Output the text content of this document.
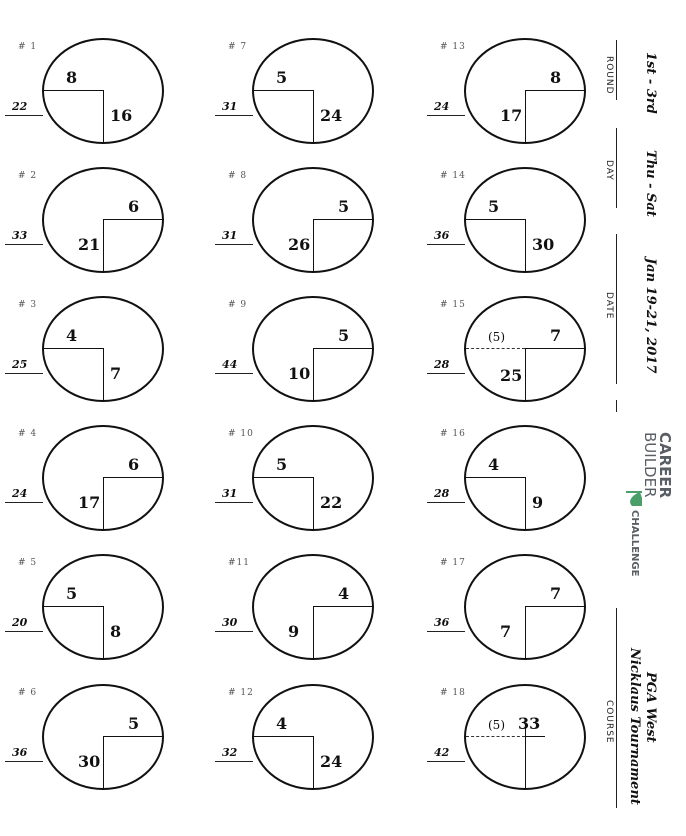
# 1
22
8
16
# 2
33	21
6
# 3
25
4
7
# 4
24	17
6
# 5
20
5
8
# 6
36	30
5
# 7
31
5
24
# 8
31	26
5
# 9
44	10
5
# 10
31
5
22
#11
30	9
4
# 12
32
4
24
# 13
24	17
8
# 14
36
5
30
# 15
28
(5)
25
7
# 16
28
4
9
# 17
36	7
7
# 18
42
(5) 33
ROUND 1st - 3rd
DAY Thu - Sat
DATE Jan 19-21, 2017
CAREER
BUILDER
CHALLENGE
COURSE PGA West
Nicklaus Tournament
